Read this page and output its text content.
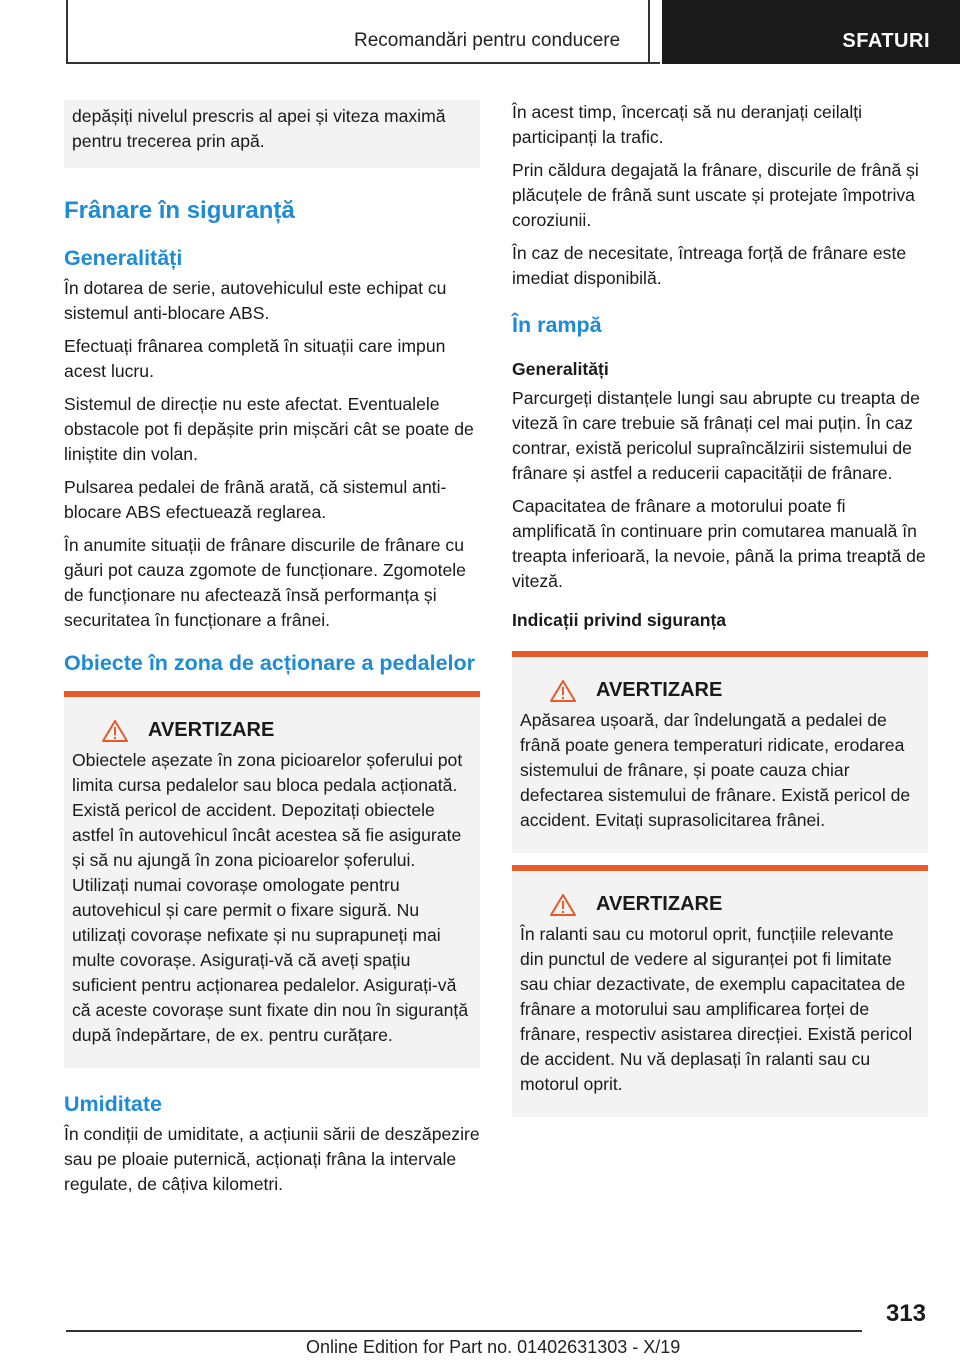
Recomandări pentru conducere	SFATURI

depășiți nivelul prescris al apei și viteza maximă pentru trecerea prin apă.

Frânare în siguranță
Generalități

În dotarea de serie, autovehiculul este echipat cu sistemul anti-blocare ABS.

Efectuați frânarea completă în situații care impun acest lucru.

Sistemul de direcție nu este afectat. Eventualele obstacole pot fi depășite prin mișcări cât se poate de liniștite din volan.

Pulsarea pedalei de frână arată, că sistemul anti-blocare ABS efectuează reglarea.

În anumite situații de frânare discurile de frânare cu găuri pot cauza zgomote de funcționare. Zgomotele de funcționare nu afectează însă performanța și securitatea în funcționare a frânei.

Obiecte în zona de acționare a pedalelor
AVERTIZARE

Obiectele așezate în zona picioarelor șoferului pot limita cursa pedalelor sau bloca pedala acționată. Există pericol de accident. Depozitați obiectele astfel în autovehicul încât acestea să fie asigurate și să nu ajungă în zona picioarelor șoferului. Utilizați numai covorașe omologate pentru autovehicul și care permit o fixare sigură. Nu utilizați covorașe nefixate și nu suprapuneți mai multe covorașe. Asigurați-vă că aveți spațiu suficient pentru acționarea pedalelor. Asigurați-vă că aceste covorașe sunt fixate din nou în siguranță după îndepărtare, de ex. pentru curățare.

Umiditate

În condiții de umiditate, a acțiunii sării de deszăpezire sau pe ploaie puternică, acționați frâna la intervale regulate, de câțiva kilometri.

În acest timp, încercați să nu deranjați ceilalți participanți la trafic.

Prin căldura degajată la frânare, discurile de frână și plăcuțele de frână sunt uscate și protejate împotriva coroziunii.

În caz de necesitate, întreaga forță de frânare este imediat disponibilă.

În rampă
Generalități

Parcurgeți distanțele lungi sau abrupte cu treapta de viteză în care trebuie să frânați cel mai puțin. În caz contrar, există pericolul supraîncălzirii sistemului de frânare și astfel a reducerii capacității de frânare.

Capacitatea de frânare a motorului poate fi amplificată în continuare prin comutarea manuală în treapta inferioară, la nevoie, până la prima treaptă de viteză.

Indicații privind siguranța
AVERTIZARE

Apăsarea ușoară, dar îndelungată a pedalei de frână poate genera temperaturi ridicate, erodarea sistemului de frânare, și poate cauza chiar defectarea sistemului de frânare. Există pericol de accident. Evitați suprasolicitarea frânei.

AVERTIZARE

În ralanti sau cu motorul oprit, funcțiile relevante din punctul de vedere al siguranței pot fi limitate sau chiar dezactivate, de exemplu capacitatea de frânare a motorului sau amplificarea forței de frânare, respectiv asistarea direcției. Există pericol de accident. Nu vă deplasați în ralanti sau cu motorul oprit.

313
Online Edition for Part no. 01402631303 - X/19
